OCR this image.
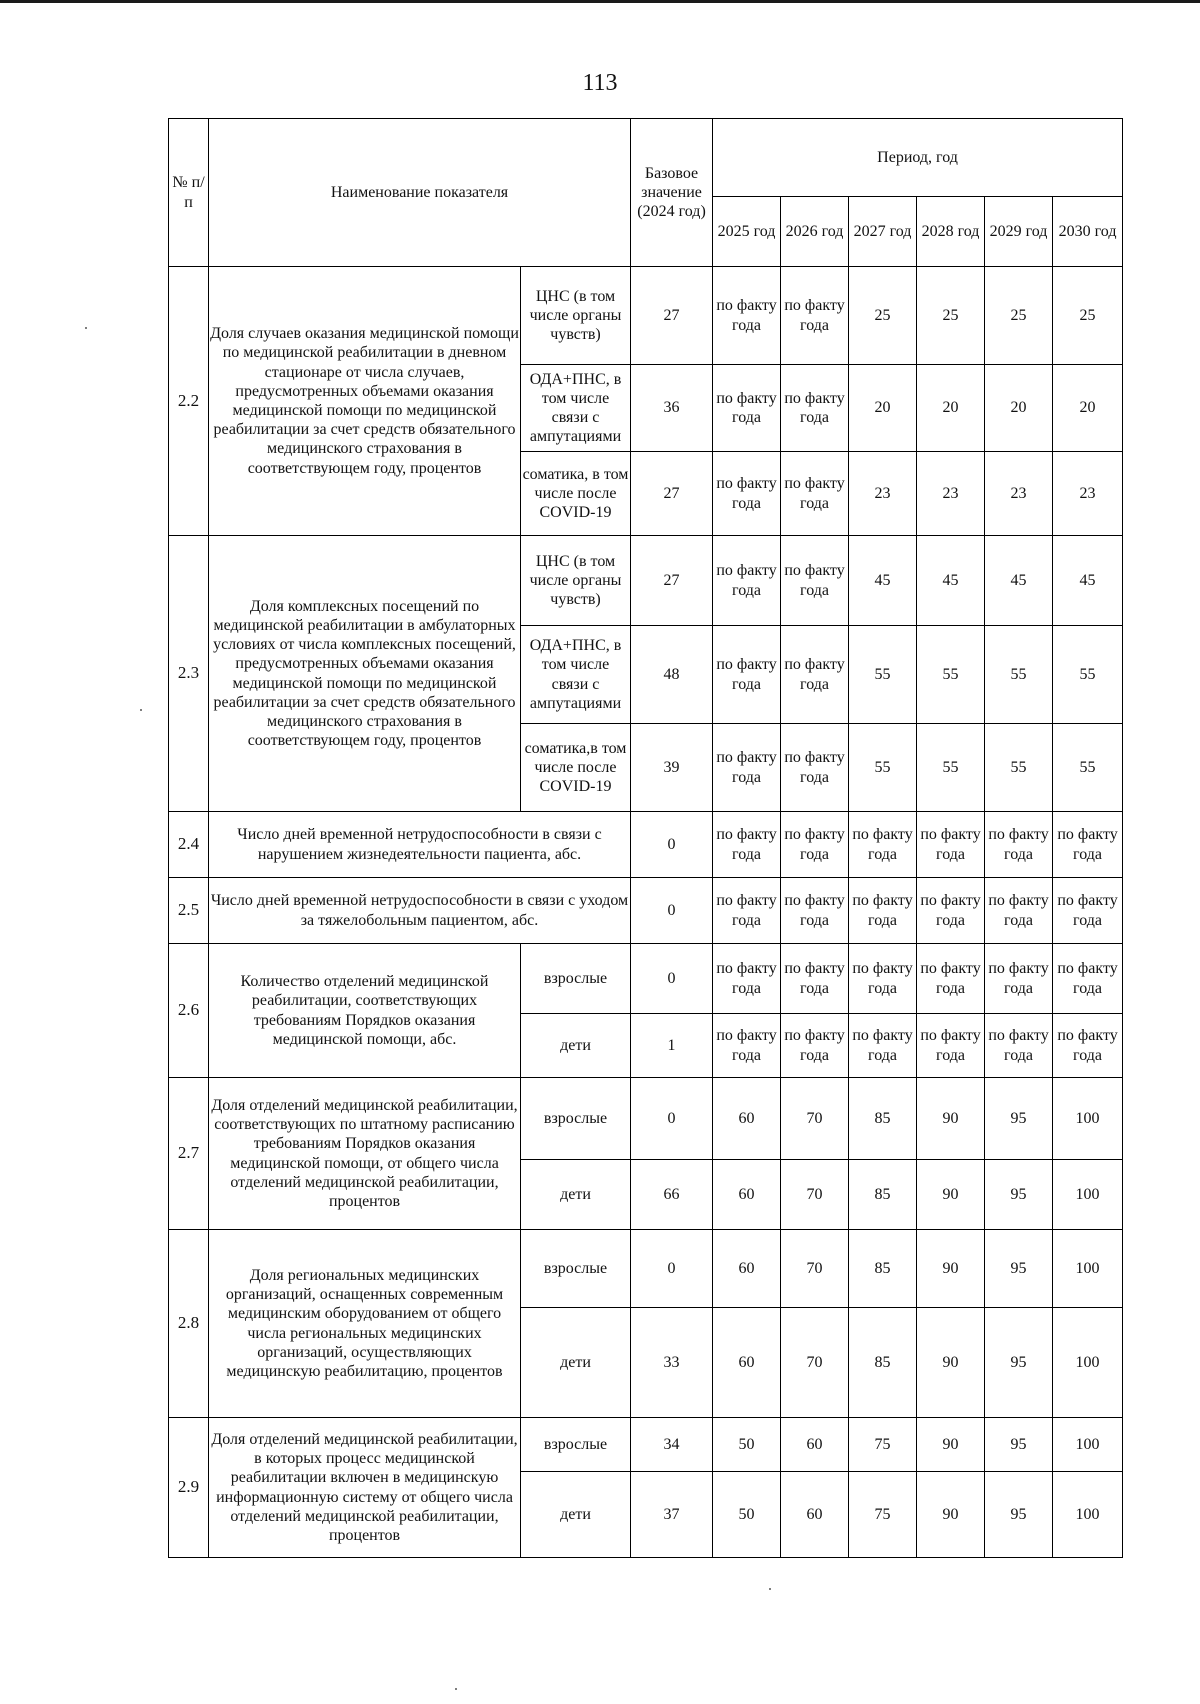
113
№ п/п	Наименование показателя		Базовое значение (2024 год)	Период, год					
				2025 год	2026 год	2027 год	2028 год	2029 год	2030 год
2.2	Доля случаев оказания медицинской помощи по медицинской реабилитации в дневном стационаре от числа случаев, предусмотренных объемами оказания медицинской помощи по медицинской реабилитации за счет средств обязательного медицинского страхования в соответствующем году, процентов	ЦНС (в том числе органы чувств)	27	по факту года	по факту года	25	25	25	25
		ОДА+ПНС, в том числе связи с ампутациями	36	по факту года	по факту года	20	20	20	20
		соматика, в том числе после COVID-19	27	по факту года	по факту года	23	23	23	23
2.3	Доля комплексных посещений по медицинской реабилитации в амбулаторных условиях от числа комплексных посещений, предусмотренных объемами оказания медицинской помощи по медицинской реабилитации за счет средств обязательного медицинского страхования в соответствующем году, процентов	ЦНС (в том числе органы чувств)	27	по факту года	по факту года	45	45	45	45
		ОДА+ПНС, в том числе связи с ампутациями	48	по факту года	по факту года	55	55	55	55
		соматика,в том числе после COVID-19	39	по факту года	по факту года	55	55	55	55
2.4	Число дней временной нетрудоспособности в связи с нарушением жизнедеятельности пациента, абс.		0	по факту года	по факту года	по факту года	по факту года	по факту года	по факту года
2.5	Число дней временной нетрудоспособности в связи с уходом за тяжелобольным пациентом, абс.		0	по факту года	по факту года	по факту года	по факту года	по факту года	по факту года
2.6	Количество отделений медицинской реабилитации, соответствующих требованиям Порядков оказания медицинской помощи, абс.	взрослые	0	по факту года	по факту года	по факту года	по факту года	по факту года	по факту года
		дети	1	по факту года	по факту года	по факту года	по факту года	по факту года	по факту года
2.7	Доля отделений медицинской реабилитации, соответствующих по штатному расписанию требованиям Порядков оказания медицинской помощи, от общего числа отделений медицинской реабилитации, процентов	взрослые	0	60	70	85	90	95	100
		дети	66	60	70	85	90	95	100
2.8	Доля региональных медицинских организаций, оснащенных современным медицинским оборудованием от общего числа региональных медицинских организаций, осуществляющих медицинскую реабилитацию, процентов	взрослые	0	60	70	85	90	95	100
		дети	33	60	70	85	90	95	100
2.9	Доля отделений медицинской реабилитации, в которых процесс медицинской реабилитации включен в медицинскую информационную систему от общего числа отделений медицинской реабилитации, процентов	взрослые	34	50	60	75	90	95	100
		дети	37	50	60	75	90	95	100
